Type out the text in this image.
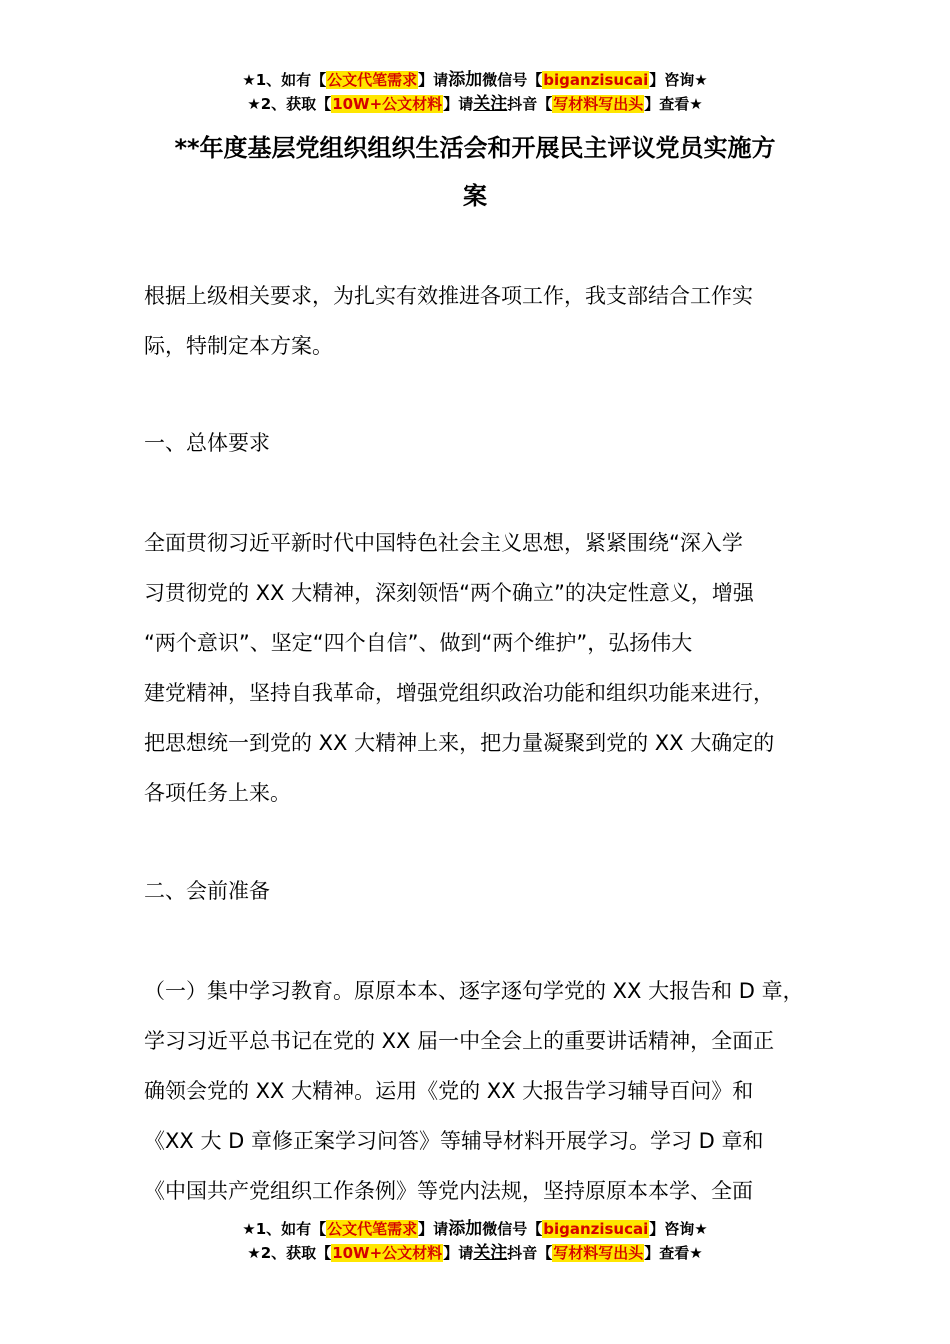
★1、如有【公文代笔需求】请添加微信号【biganzisucai】咨询★
★2、获取【10W+公文材料】请关注抖音【写材料写出头】查看★
**年度基层党组织组织生活会和开展民主评议党员实施方
案

根据上级相关要求，为扎实有效推进各项工作，我支部结合工作实
际，特制定本方案。

一、总体要求

全面贯彻习近平新时代中国特色社会主义思想，紧紧围绕“深入学
习贯彻党的 XX 大精神，深刻领悟“两个确立”的决定性意义，增强
“两个意识”、坚定“四个自信”、做到“两个维护”，弘扬伟大
建党精神，坚持自我革命，增强党组织政治功能和组织功能来进行，
把思想统一到党的 XX 大精神上来，把力量凝聚到党的 XX 大确定的
各项任务上来。

二、会前准备

（一）集中学习教育。原原本本、逐字逐句学党的 XX 大报告和 D 章，
学习习近平总书记在党的 XX 届一中全会上的重要讲话精神，全面正
确领会党的 XX 大精神。运用《党的 XX 大报告学习辅导百问》和
《XX 大 D 章修正案学习问答》等辅导材料开展学习。学习 D 章和
《中国共产党组织工作条例》等党内法规，坚持原原本本学、全面

★1、如有【公文代笔需求】请添加微信号【biganzisucai】咨询★
★2、获取【10W+公文材料】请关注抖音【写材料写出头】查看★
